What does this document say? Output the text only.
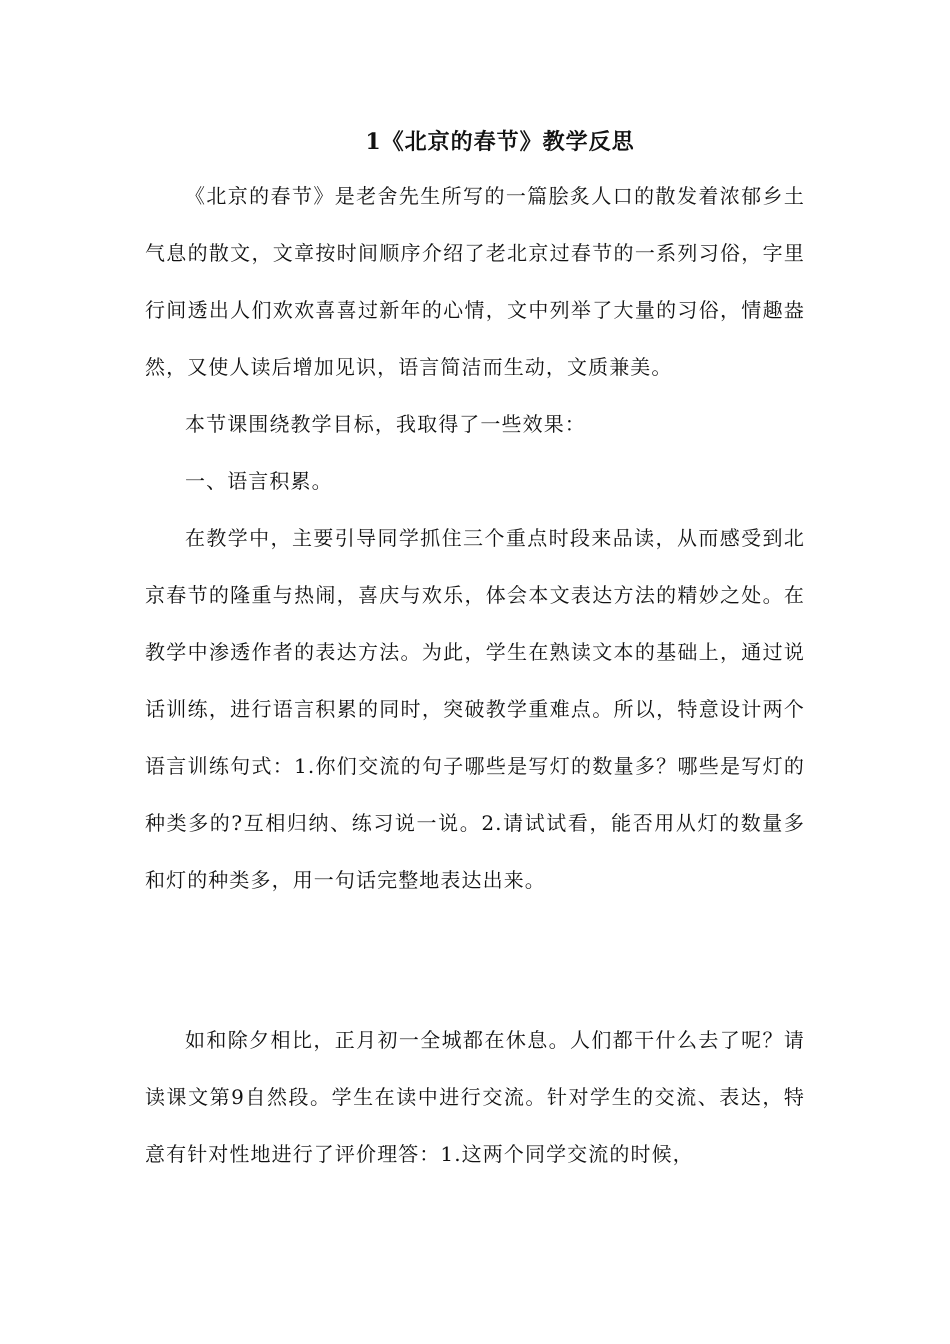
1《北京的春节》教学反思

《北京的春节》是老舍先生所写的一篇脍炙人口的散发着浓郁乡土气息的散文，文章按时间顺序介绍了老北京过春节的一系列习俗，字里行间透出人们欢欢喜喜过新年的心情，文中列举了大量的习俗，情趣盎然，又使人读后增加见识，语言简洁而生动，文质兼美。

本节课围绕教学目标，我取得了一些效果：

一、语言积累。

在教学中，主要引导同学抓住三个重点时段来品读，从而感受到北京春节的隆重与热闹，喜庆与欢乐，体会本文表达方法的精妙之处。在教学中渗透作者的表达方法。为此，学生在熟读文本的基础上，通过说话训练，进行语言积累的同时，突破教学重难点。所以，特意设计两个语言训练句式：1.你们交流的句子哪些是写灯的数量多？哪些是写灯的种类多的?互相归纳、练习说一说。2.请试试看，能否用从灯的数量多和灯的种类多，用一句话完整地表达出来。

如和除夕相比，正月初一全城都在休息。人们都干什么去了呢？请读课文第9自然段。学生在读中进行交流。针对学生的交流、表达，特意有针对性地进行了评价理答：1.这两个同学交流的时候，
